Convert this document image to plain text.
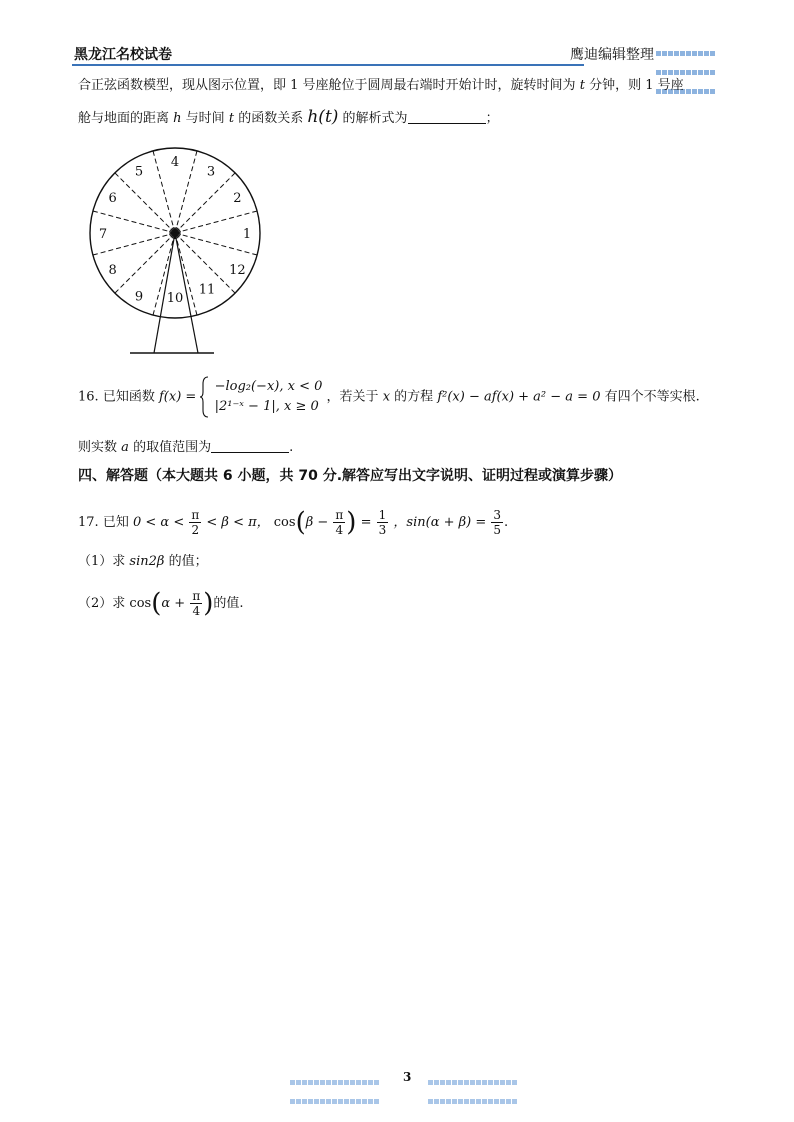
黑龙江名校试卷	鹰迪编辑整理

合正弦函数模型，现从图示位置，即 1 号座舱位于圆周最右端时开始计时，旋转时间为 t 分钟，则 1 号座
舱与地面的距离 h 与时间 t 的函数关系 h(t) 的解析式为	；
1
2
3
4
5
6
7
8
9 10
11
12
16. 已知函数 f(x) =
−log₂(−x), x < 0
|2¹⁻ˣ − 1|, x ≥ 0
，若关于 x 的方程 f²(x) − af(x) + a² − a = 0 有四个不等实根.
则实数 a 的取值范围为	.
四、解答题（本大题共 6 小题，共 70 分.解答应写出文字说明、证明过程或演算步骤）
17. 已知 $0 < \alpha < \frac{\pi}{2} < \beta < \pi$， $\cos(\beta - \frac{\pi}{4}$ ) = $\frac{1}{3}$ ，$\sin(\alpha + \beta) = \frac{3}{5}$ .
（1）求 sin2β 的值；
（2）求 $\cos(\alpha + \frac{\pi}{4}$ )的值.

3
